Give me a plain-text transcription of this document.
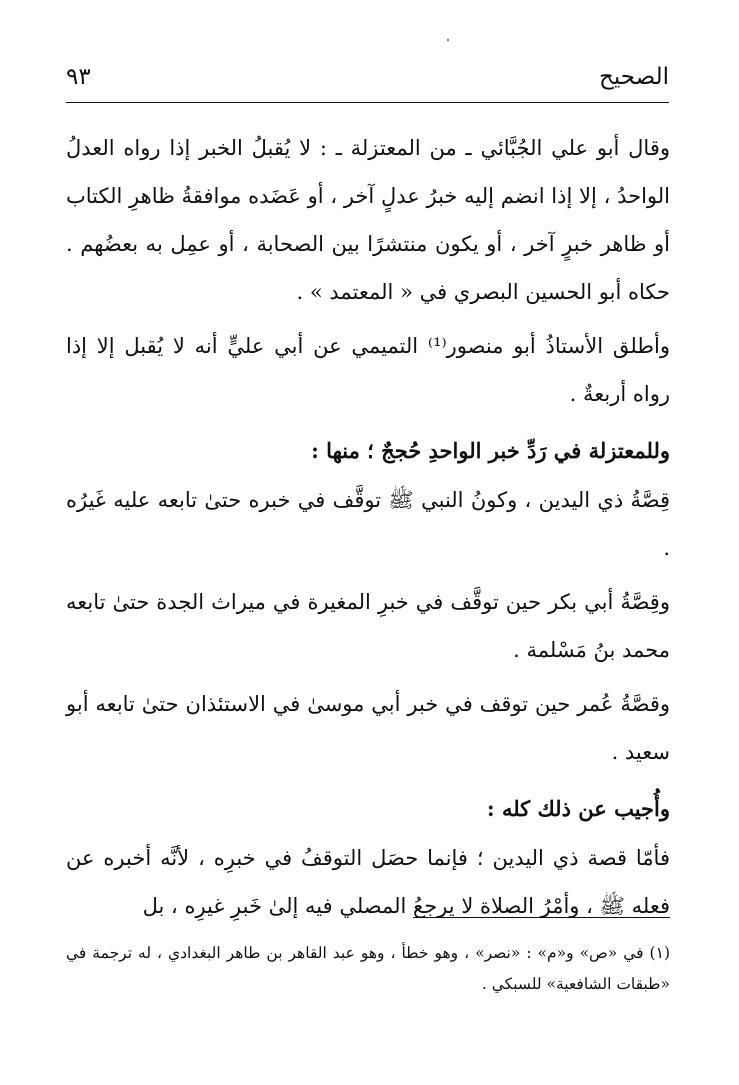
الصحيح
٩٣

وقال أبو علي الجُبَّائي ـ من المعتزلة ـ : لا يُقبلُ الخبر إذا رواه العدلُ الواحدُ ، إلا إذا انضم إليه خبرُ عدلٍ آخر ، أو عَضَده موافقةُ ظاهرِ الكتاب أو ظاهر خبرٍ آخر ، أو يكون منتشرًا بين الصحابة ، أو عمِل به بعضُهم . حكاه أبو الحسين البصري في « المعتمد » .

وأطلق الأستاذُ أبو منصور⁽¹⁾ التميمي عن أبي عليٍّ أنه لا يُقبل إلا إذا رواه أربعةٌ .

وللمعتزلة في رَدِّ خبر الواحدِ حُججٌ ؛ منها :

قِصَّةُ ذي اليدين ، وكونُ النبي ﷺ توقَّف في خبره حتىٰ تابعه عليه غَيرُه .

وقِصَّةُ أبي بكر حين توقَّف في خبرِ المغيرة في ميراث الجدة حتىٰ تابعه محمد بنُ مَسْلمة .

وقصَّةُ عُمر حين توقف في خبر أبي موسىٰ في الاستئذان حتىٰ تابعه أبو سعيد .

وأُجيب عن ذلك كله :

فأمّا قصة ذي اليدين ؛ فإنما حصَل التوقفُ في خبرِه ، لأنَّه أخبره عن فعله ﷺ ، وأمْرُ الصلاة لا يرجعُ المصلي فيه إلىٰ خَبرِ غيرِه ، بل

(١) في «ص» و«م» : «نصر» ، وهو خطأ ، وهو عبد القاهر بن طاهر البغدادي ، له ترجمة في «طبقات الشافعية» للسبكي .
